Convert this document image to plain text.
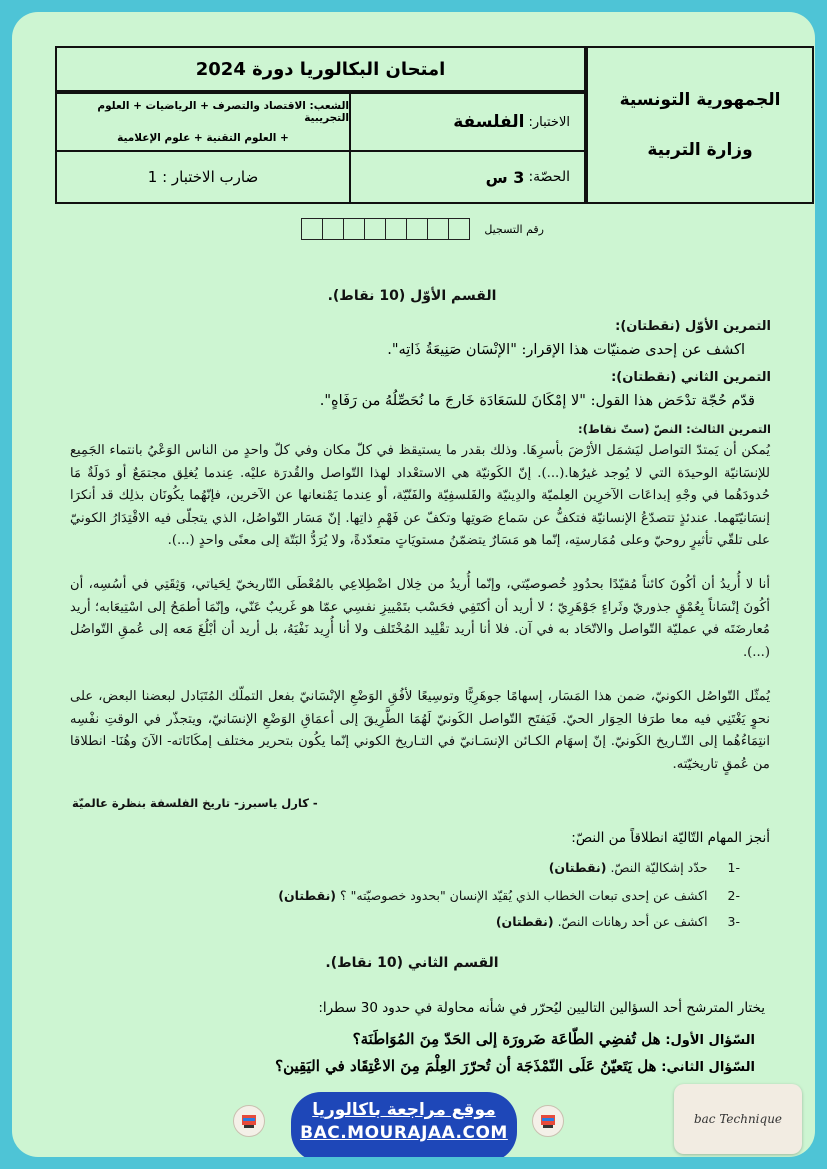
امتحان البكالوريا دورة 2024
الشعب: الاقتصاد والتصرف + الرياضيات + العلوم التجريبية
+ العلوم التقنية + علوم الإعلامية
الاختبار:
الفلسفة
ضارب الاختبار : 1	الحصّة:
3 س
الجمهورية التونسية
وزارة التربية
رقم التسجيل
القسم الأوّل (10 نقاط).
التمرين الأوّل (نقطتان):
اكشف عن إحدى ضمنيّات هذا الإقرار: "الإنْسَان صَنِيعَةُ ذَاتِه".
التمرين الثاني (نقطتان):
قدّم حُجّة تدْحَض هذا القول: "لا إمْكَانَ للسَعَادَة خَارجَ ما نُحَصِّلُهُ من رَفَاهٍ".
التمرين الثالث: النصّ (ستّ نقاط):
يُمكن أن يَمتدّ التواصل ليَشمَل الأرْضَ بأسرِهَا. وذلك بقدر ما يستيقظ في كلّ مكان وفي كلّ واحدٍ من الناس الوَعْيُ بانتماء الجَمِيع للإنسَانيّة الوحيدَة التي لا يُوجد غيرُها.(...). إنّ الكَونيّة هي الاستعْداد لهذا التّواصل والقُدرَة عليْه. عِندما يُغلِق مجتمَعٌ أو دَولَةٌ مَا حُدودَهُما في وجْهِ إبداعَات الآخرِين العِلميّة والدِينيّة والفَلسفِيّة والفَنّيّة، أو عِندما يَمْنعانها عن الآخرين، فإنّهُما يكُونَان بذلِك قد أنكرَا إنسَانيّتَهما. عندئذٍ تتصدّعُ الإنسانيّة فتكفُّ عن سَماع صَوتِها وتكفّ عن فَهْمِ ذاتِها. إنّ مَسَار التّواصُل، الذي يتجلّى فيه الاقْتِدَارُ الكونيّ على تلقّي تأثيرٍ روحيّ وعلى مُمَارستِه، إنّما هو مَسَارٌ يتضمّنُ مستويَاتٍ متعدّدةً، ولا يُرَدُّ البَتّة إلى معنًى واحدٍ (...).
أنا لا أُريدُ أن أكُونَ كائناً مُقيّدًا بحدُودِ خُصوصيّتي، وإنّما أُريدُ من خِلال اضْطِلاعِي بالمُعْطَى التّاريخيّ لِحَياتي، وَثِقَتِي في أسُسِه، أن أكُونَ إنْسَاناً بِعُمْقٍ جذوريّ وثَراءٍ جَوْهَرِيّ ؛ لا أريد أن أكتَفِي فحَسْب بتَمْييزِ نفسِي عمّا هو غَريبٌ عَنّي، وإنّمَا أطمَحُ إلى اسْتِيعَابه؛ أريد مُعارضَتَه في عمليّة التّواصل والاتّحَاد به في آن. فلا أنا أريد تقْلِيد المُخْتَلف ولا أنا أُرِيد نَفْيَهُ، بل أريد أن أبْلُغَ مَعه إلى عُمقِ التّواصُل (...).
يُمثّل التّواصُل الكونيّ، ضمن هذا المَسَار، إسهامًا جوهَرِيًّا وتوسِيعًا لأفُقِ الوَضْعِ الإنْسَانيّ بفعل التملّك المُتَبَادل لبعضنا البعض، على نحوٍ يَغْتَنِي فيه معا طرَفا الحِوَار الحيّ. فَيَفتَح التّواصل الكَونيّ لَهُمَا الطَّرِيقَ إلى أعمَاقِ الوَضْعِ الإنسَانيّ، ويتجذّر في الوقتِ نفْسِه انتِمَاءُهُما إلى التّـاريخ الكَونيّ. إنّ إسهَام الكـائن الإنسَـانيّ في التـاريخ الكوني إنّما يكُون بتحرير مختلف إمكَانَاته- الآنَ وهُنَا- انطلاقا من عُمقٍ تاريخيّته.
- كارل ياسبرز- تاريخ الفلسفة بنظرة عالميّة
أنجز المهام التّاليّة انطلاقاً من النصّ:
-1 حدّد إشكاليّة النصّ. (نقطتان)
-2 اكشف عن إحدى تبعات الخطاب الذي يُقيّد الإنسان "بحدود خصوصيّته" ؟ (نقطتان)
-3 اكشف عن أحد رهانات النصّ. (نقطتان)
القسم الثاني (10 نقاط).
يختار المترشح أحد السؤالين التاليين ليُحرّر في شأنه محاولة في حدود 30 سطرا:
السّؤال الأول: هل تُفضِي الطّاعَة ضَرورَة إلى الحَدّ مِنَ المُوَاطَنَة؟
السّؤال الثاني: هل يَتَعيّنُ عَلَى النّمْذَجَة أن تُحرّرَ العِلْمَ مِنَ الاعْتِقَاد في اليَقِين؟
موقع مراجعة باكالوريا
BAC.MOURAJAA.COM
bac Technique
